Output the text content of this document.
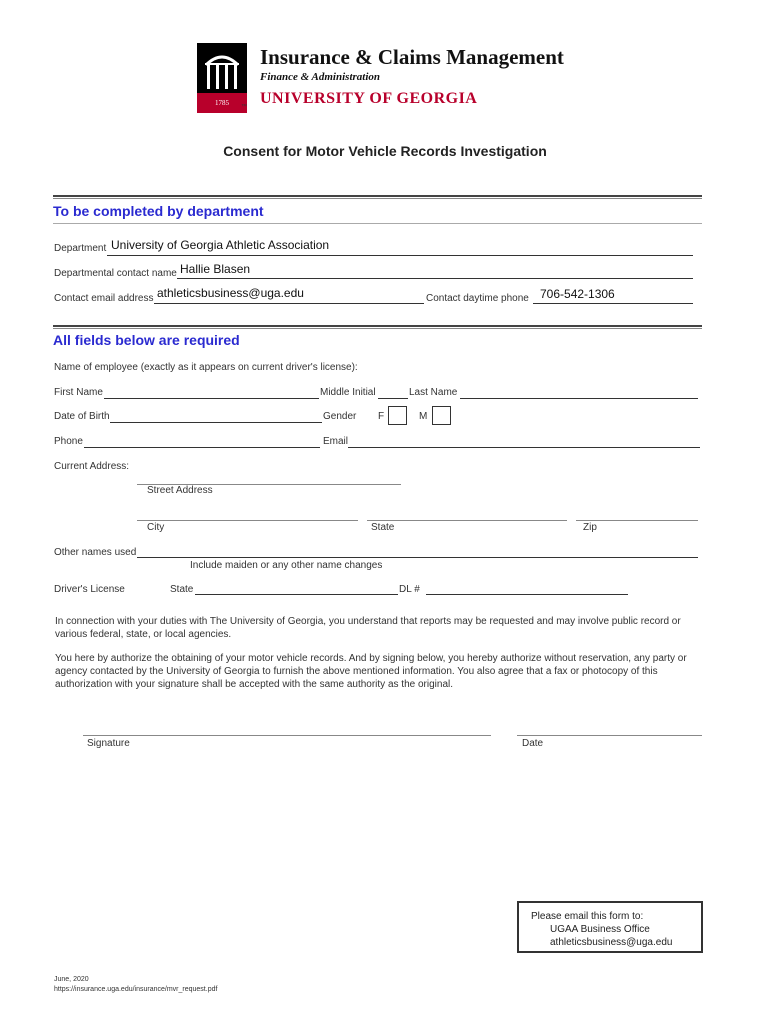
1785	™
Insurance & Claims Management
Finance & Administration
UNIVERSITY OF GEORGIA
Consent for Motor Vehicle Records Investigation
To be completed by department
Department University of Georgia Athletic Association
Departmental contact name Hallie Blasen
Contact email address athleticsbusiness@uga.edu	Contact daytime phone 706-542-1306
All fields below are required
Name of employee (exactly as it appears on current driver's license):
First Name	Middle Initial	Last Name
Date of Birth	Gender F	M
Phone	Email
Current Address:
Street Address
City	State	Zip
Other names used
Include maiden or any other name changes
Driver's License	State	DL #
In connection with your duties with The University of Georgia, you understand that reports may be requested and may involve public record or various federal, state, or local agencies.
You here by authorize the obtaining of your motor vehicle records. And by signing below, you hereby authorize without reservation, any party or agency contacted by the University of Georgia to furnish the above mentioned information. You also agree that a fax or photocopy of this authorization with your signature shall be accepted with the same authority as the original.
Signature	Date
Please email this form to:
UGAA Business Office
athleticsbusiness@uga.edu
June, 2020
https://insurance.uga.edu/insurance/mvr_request.pdf
